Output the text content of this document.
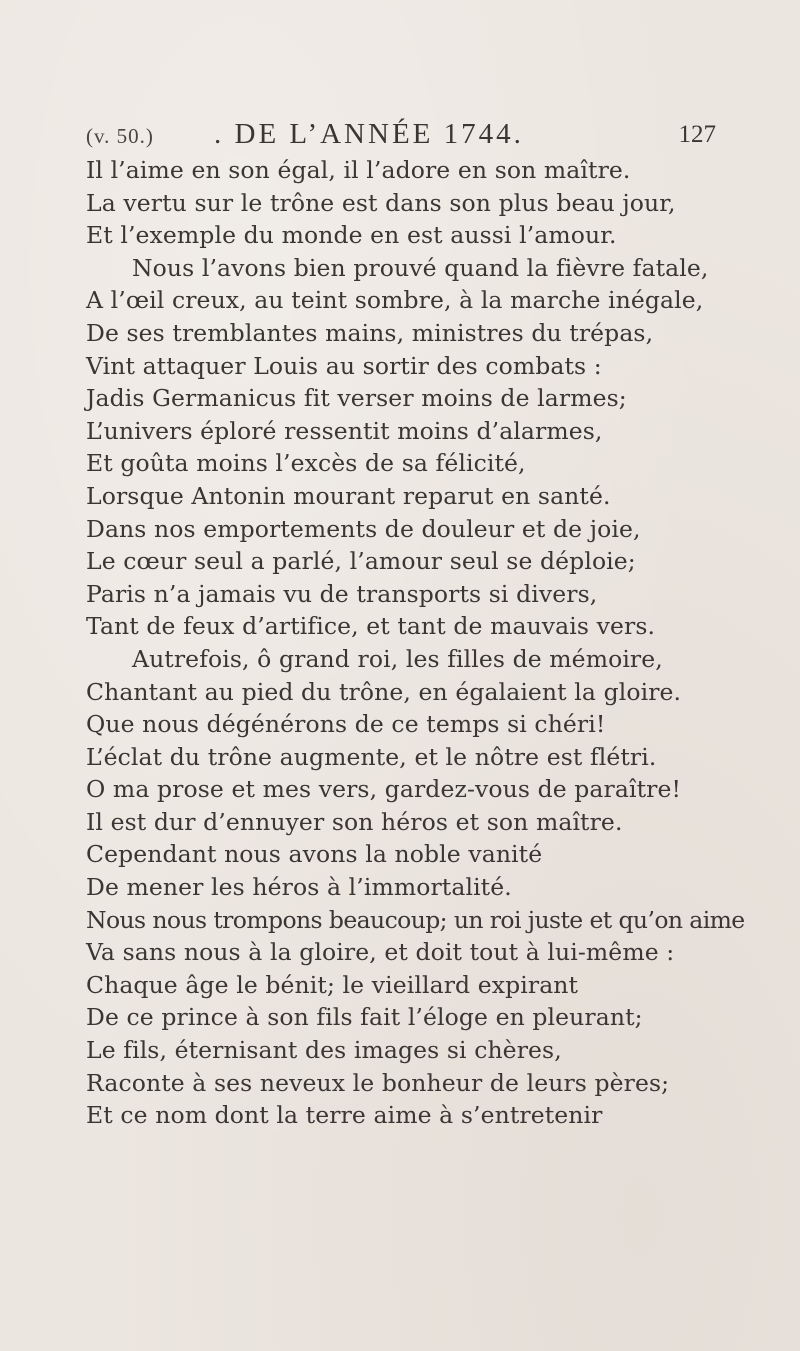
(v. 50.) . DE L’ANNÉE 1744.	127
Il l’aime en son égal, il l’adore en son maître.
La vertu sur le trône est dans son plus beau jour,
Et l’exemple du monde en est aussi l’amour.
Nous l’avons bien prouvé quand la fièvre fatale,
A l’œil creux, au teint sombre, à la marche inégale,
De ses tremblantes mains, ministres du trépas,
Vint attaquer Louis au sortir des combats :
Jadis Germanicus fit verser moins de larmes;
L’univers éploré ressentit moins d’alarmes,
Et goûta moins l’excès de sa félicité,
Lorsque Antonin mourant reparut en santé.
Dans nos emportements de douleur et de joie,
Le cœur seul a parlé, l’amour seul se déploie;
Paris n’a jamais vu de transports si divers,
Tant de feux d’artifice, et tant de mauvais vers.
Autrefois, ô grand roi, les filles de mémoire,
Chantant au pied du trône, en égalaient la gloire.
Que nous dégénérons de ce temps si chéri!
L’éclat du trône augmente, et le nôtre est flétri.
O ma prose et mes vers, gardez-vous de paraître!
Il est dur d’ennuyer son héros et son maître.
Cependant nous avons la noble vanité
De mener les héros à l’immortalité.
Nous nous trompons beaucoup; un roi juste et qu’on aime
Va sans nous à la gloire, et doit tout à lui-même :
Chaque âge le bénit; le vieillard expirant
De ce prince à son fils fait l’éloge en pleurant;
Le fils, éternisant des images si chères,
Raconte à ses neveux le bonheur de leurs pères;
Et ce nom dont la terre aime à s’entretenir
